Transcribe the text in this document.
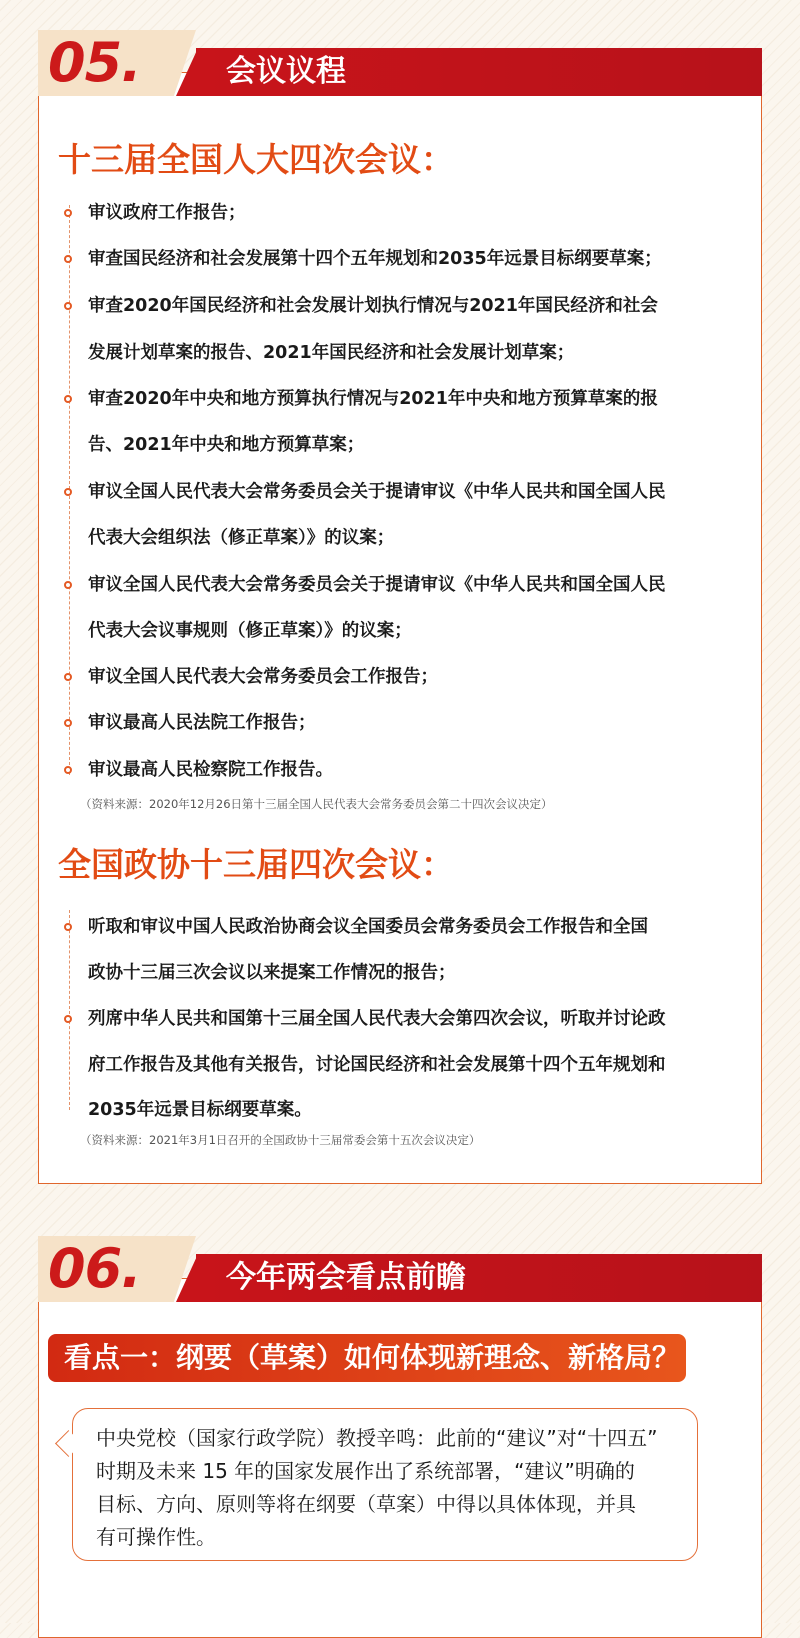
05.	会议议程
十三届全国人大四次会议：
审议政府工作报告；
审查国民经济和社会发展第十四个五年规划和2035年远景目标纲要草案；
审查2020年国民经济和社会发展计划执行情况与2021年国民经济和社会
发展计划草案的报告、2021年国民经济和社会发展计划草案；
审查2020年中央和地方预算执行情况与2021年中央和地方预算草案的报
告、2021年中央和地方预算草案；
审议全国人民代表大会常务委员会关于提请审议《中华人民共和国全国人民
代表大会组织法（修正草案）》的议案；
审议全国人民代表大会常务委员会关于提请审议《中华人民共和国全国人民
代表大会议事规则（修正草案）》的议案；
审议全国人民代表大会常务委员会工作报告；
审议最高人民法院工作报告；
审议最高人民检察院工作报告。
（资料来源：2020年12月26日第十三届全国人民代表大会常务委员会第二十四次会议决定）
全国政协十三届四次会议：
听取和审议中国人民政治协商会议全国委员会常务委员会工作报告和全国
政协十三届三次会议以来提案工作情况的报告；
列席中华人民共和国第十三届全国人民代表大会第四次会议，听取并讨论政
府工作报告及其他有关报告，讨论国民经济和社会发展第十四个五年规划和
2035年远景目标纲要草案。
（资料来源：2021年3月1日召开的全国政协十三届常委会第十五次会议决定）
06.	今年两会看点前瞻
看点一：纲要（草案）如何体现新理念、新格局？
中央党校（国家行政学院）教授辛鸣：此前的“建议”对“十四五”
时期及未来 15 年的国家发展作出了系统部署，“建议”明确的
目标、方向、原则等将在纲要（草案）中得以具体体现，并具
有可操作性。
